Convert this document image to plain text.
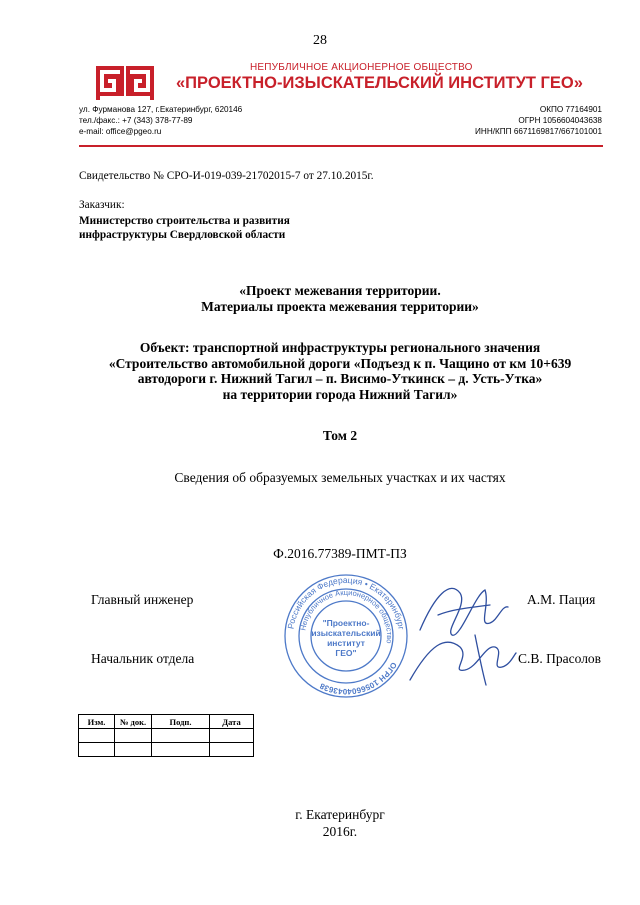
28
НЕПУБЛИЧНОЕ АКЦИОНЕРНОЕ ОБЩЕСТВО
«ПРОЕКТНО-ИЗЫСКАТЕЛЬСКИЙ ИНСТИТУТ ГЕО»
ул. Фурманова 127, г.Екатеринбург, 620146
тел./факс.: +7 (343) 378-77-89
e-mail: office@pgeo.ru
ОКПО 77164901
ОГРН 1056604043638
ИНН/КПП 6671169817/667101001
Свидетельство № СРО-И-019-039-21702015-7 от 27.10.2015г.
Заказчик:
Министерство строительства и развития
инфраструктуры Свердловской области
«Проект межевания территории.
Материалы проекта межевания территории»
Объект: транспортной инфраструктуры регионального значения
«Строительство автомобильной дороги «Подъезд к п. Чащино от км 10+639
автодороги г. Нижний Тагил – п. Висимо-Уткинск – д. Усть-Утка»
на территории города Нижний Тагил»
Том 2
Сведения об образуемых земельных участках и их частях
Ф.2016.77389-ПМТ-ПЗ
Главный инженер	А.М. Пация
Начальник отдела	С.В. Прасолов
Российская Федерация • Екатеринбург
Непубличное Акционерное общество
ОГРН 1056604043638
"Проектно-
изыскательский
институт
ГЕО"
Изм.	№ док.	Подп.	Дата

г. Екатеринбург
2016г.
